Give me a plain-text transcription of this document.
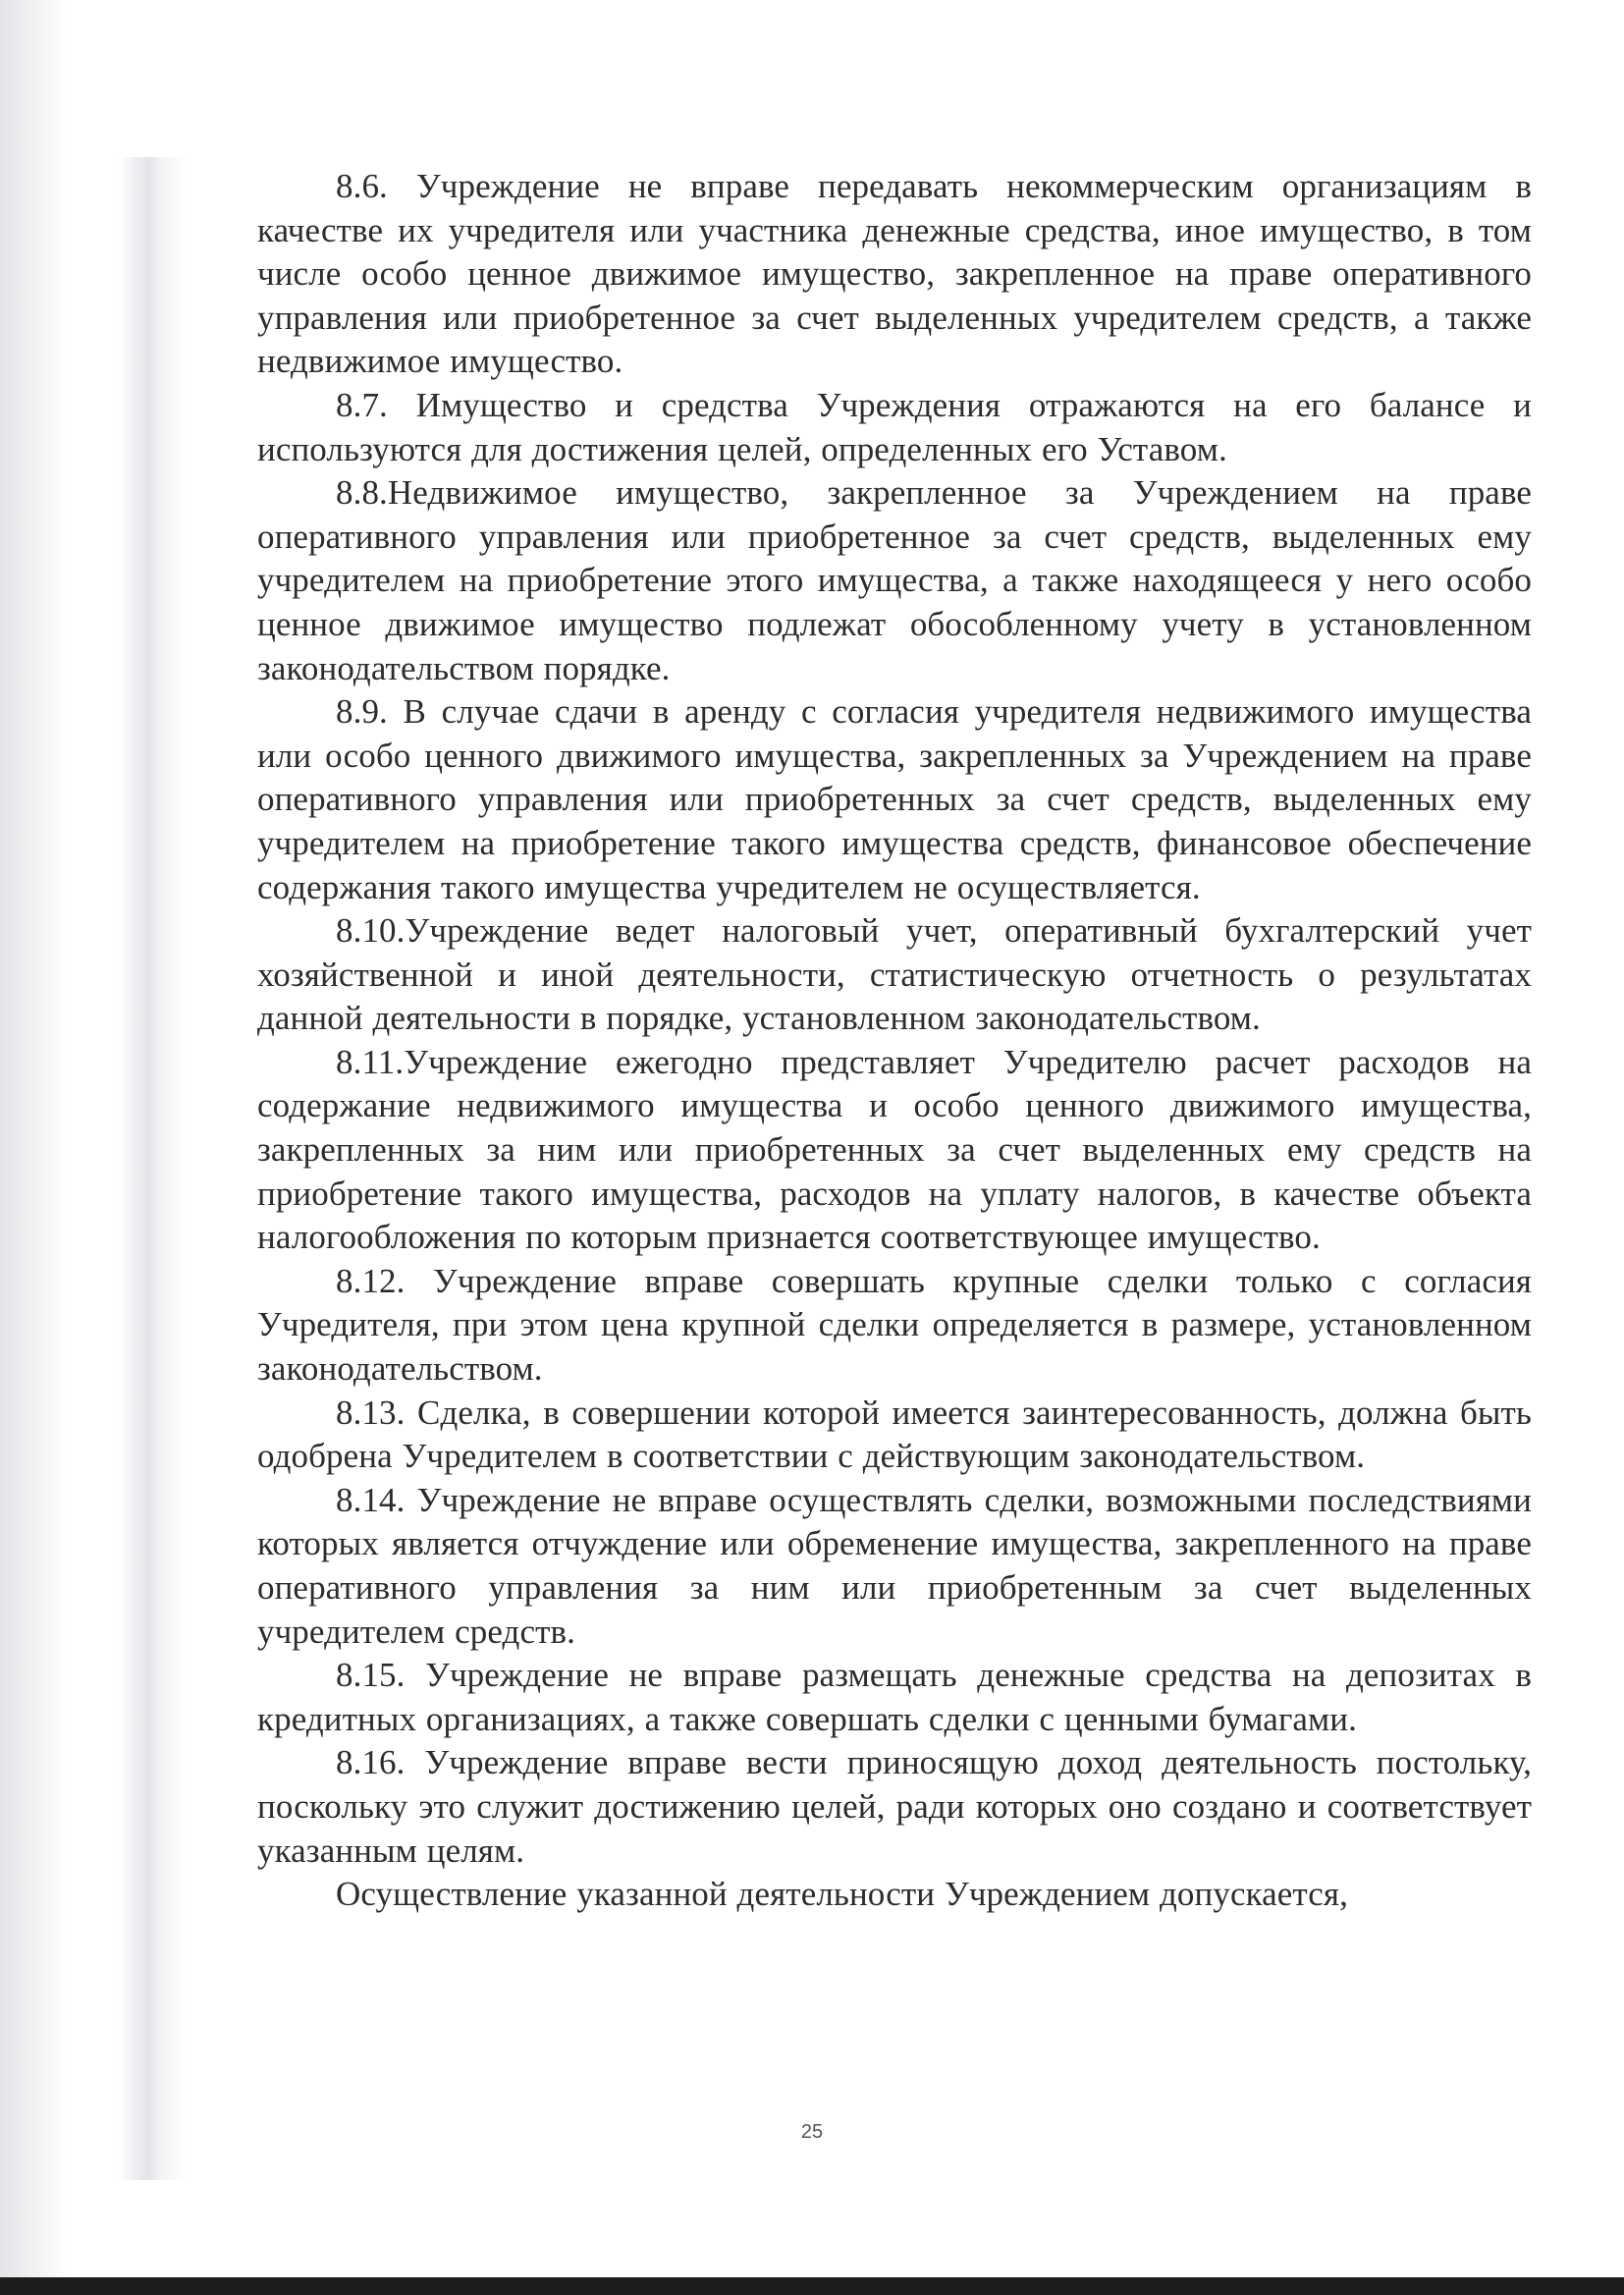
8.6. Учреждение не вправе передавать некоммерческим организациям в качестве их учредителя или участника денежные средства, иное имущество, в том числе особо ценное движимое имущество, закрепленное на праве оперативного управления или приобретенное за счет выделенных учредителем средств, а также недвижимое имущество.

8.7. Имущество и средства Учреждения отражаются на его балансе и используются для достижения целей, определенных его Уставом.

8.8.Недвижимое имущество, закрепленное за Учреждением на праве оперативного управления или приобретенное за счет средств, выделенных ему учредителем на приобретение этого имущества, а также находящееся у него особо ценное движимое имущество подлежат обособленному учету в установленном законодательством порядке.

8.9. В случае сдачи в аренду с согласия учредителя недвижимого имущества или особо ценного движимого имущества, закрепленных за Учреждением на праве оперативного управления или приобретенных за счет средств, выделенных ему учредителем на приобретение такого имущества средств, финансовое обеспечение содержания такого имущества учредителем не осуществляется.

8.10.Учреждение ведет налоговый учет, оперативный бухгалтерский учет хозяйственной и иной деятельности, статистическую отчетность о результатах данной деятельности в порядке, установленном законодательством.

8.11.Учреждение ежегодно представляет Учредителю расчет расходов на содержание недвижимого имущества и особо ценного движимого имущества, закрепленных за ним или приобретенных за счет выделенных ему средств на приобретение такого имущества, расходов на уплату налогов, в качестве объекта налогообложения по которым признается соответствующее имущество.

8.12. Учреждение вправе совершать крупные сделки только с согласия Учредителя, при этом цена крупной сделки определяется в размере, установленном законодательством.

8.13. Сделка, в совершении которой имеется заинтересованность, должна быть одобрена Учредителем в соответствии с действующим законодательством.

8.14. Учреждение не вправе осуществлять сделки, возможными последствиями которых является отчуждение или обременение имущества, закрепленного на праве оперативного управления за ним или приобретенным за счет выделенных учредителем средств.

8.15. Учреждение не вправе размещать денежные средства на депозитах в кредитных организациях, а также совершать сделки с ценными бумагами.

8.16. Учреждение вправе вести приносящую доход деятельность постольку, поскольку это служит достижению целей, ради которых оно создано и соответствует указанным целям.

Осуществление указанной деятельности Учреждением допускается,

25
